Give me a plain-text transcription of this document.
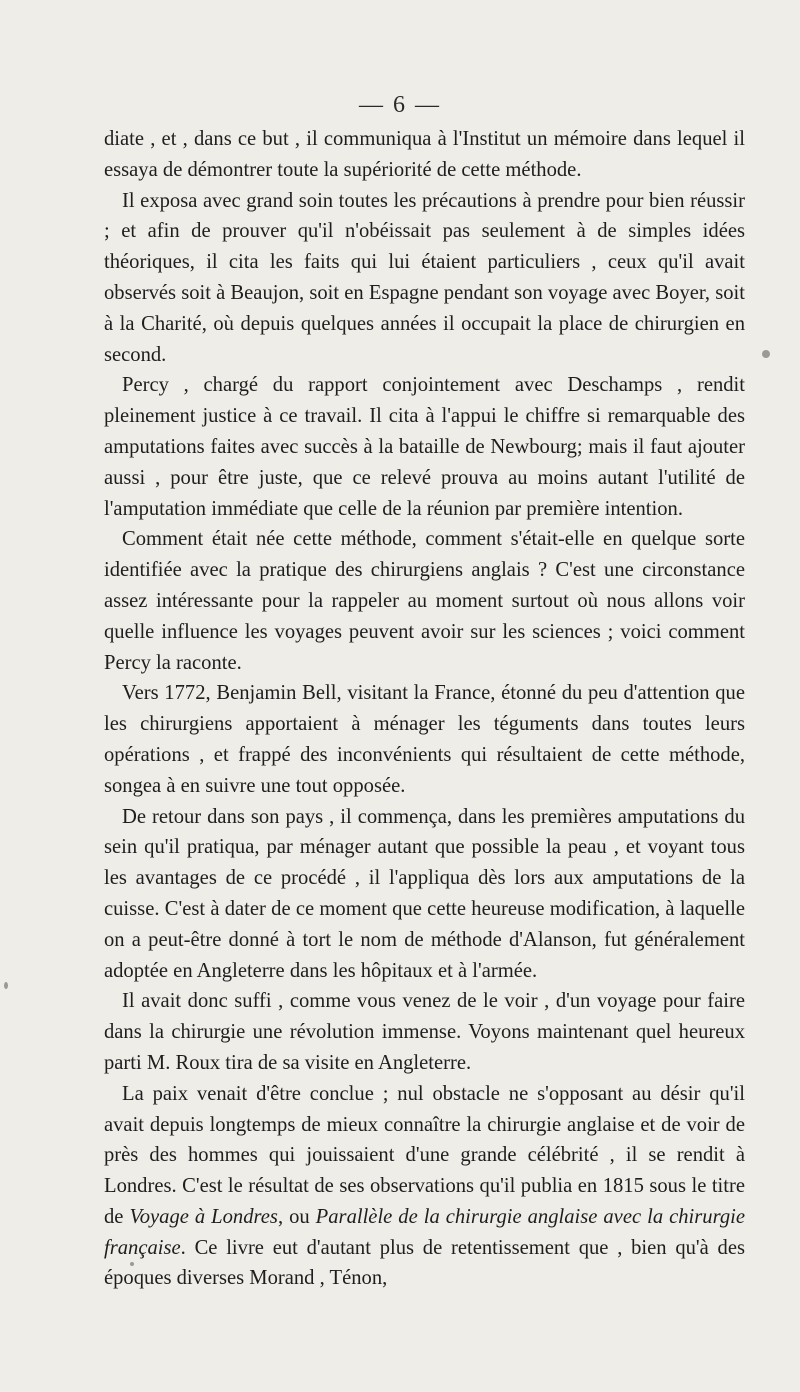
— 6 —

diate , et , dans ce but , il communiqua à l'Institut un mémoire dans lequel il essaya de démontrer toute la supériorité de cette méthode.

Il exposa avec grand soin toutes les précautions à prendre pour bien réussir ; et afin de prouver qu'il n'obéissait pas seulement à de simples idées théoriques, il cita les faits qui lui étaient particuliers , ceux qu'il avait observés soit à Beaujon, soit en Espagne pendant son voyage avec Boyer, soit à la Charité, où depuis quelques années il occupait la place de chirurgien en second.

Percy , chargé du rapport conjointement avec Deschamps , rendit pleinement justice à ce travail. Il cita à l'appui le chiffre si remarquable des amputations faites avec succès à la bataille de Newbourg; mais il faut ajouter aussi , pour être juste, que ce relevé prouva au moins autant l'utilité de l'amputation immédiate que celle de la réunion par première intention.

Comment était née cette méthode, comment s'était-elle en quelque sorte identifiée avec la pratique des chirurgiens anglais ? C'est une circonstance assez intéressante pour la rappeler au moment surtout où nous allons voir quelle influence les voyages peuvent avoir sur les sciences ; voici comment Percy la raconte.

Vers 1772, Benjamin Bell, visitant la France, étonné du peu d'attention que les chirurgiens apportaient à ménager les téguments dans toutes leurs opérations , et frappé des inconvénients qui résultaient de cette méthode, songea à en suivre une tout opposée.

De retour dans son pays , il commença, dans les premières amputations du sein qu'il pratiqua, par ménager autant que possible la peau , et voyant tous les avantages de ce procédé , il l'appliqua dès lors aux amputations de la cuisse. C'est à dater de ce moment que cette heureuse modification, à laquelle on a peut-être donné à tort le nom de méthode d'Alanson, fut généralement adoptée en Angleterre dans les hôpitaux et à l'armée.

Il avait donc suffi , comme vous venez de le voir , d'un voyage pour faire dans la chirurgie une révolution immense. Voyons maintenant quel heureux parti M. Roux tira de sa visite en Angleterre.

La paix venait d'être conclue ; nul obstacle ne s'opposant au désir qu'il avait depuis longtemps de mieux connaître la chirurgie anglaise et de voir de près des hommes qui jouissaient d'une grande célébrité , il se rendit à Londres. C'est le résultat de ses observations qu'il publia en 1815 sous le titre de Voyage à Londres, ou Parallèle de la chirurgie anglaise avec la chirurgie française. Ce livre eut d'autant plus de retentissement que , bien qu'à des époques diverses Morand , Ténon,
